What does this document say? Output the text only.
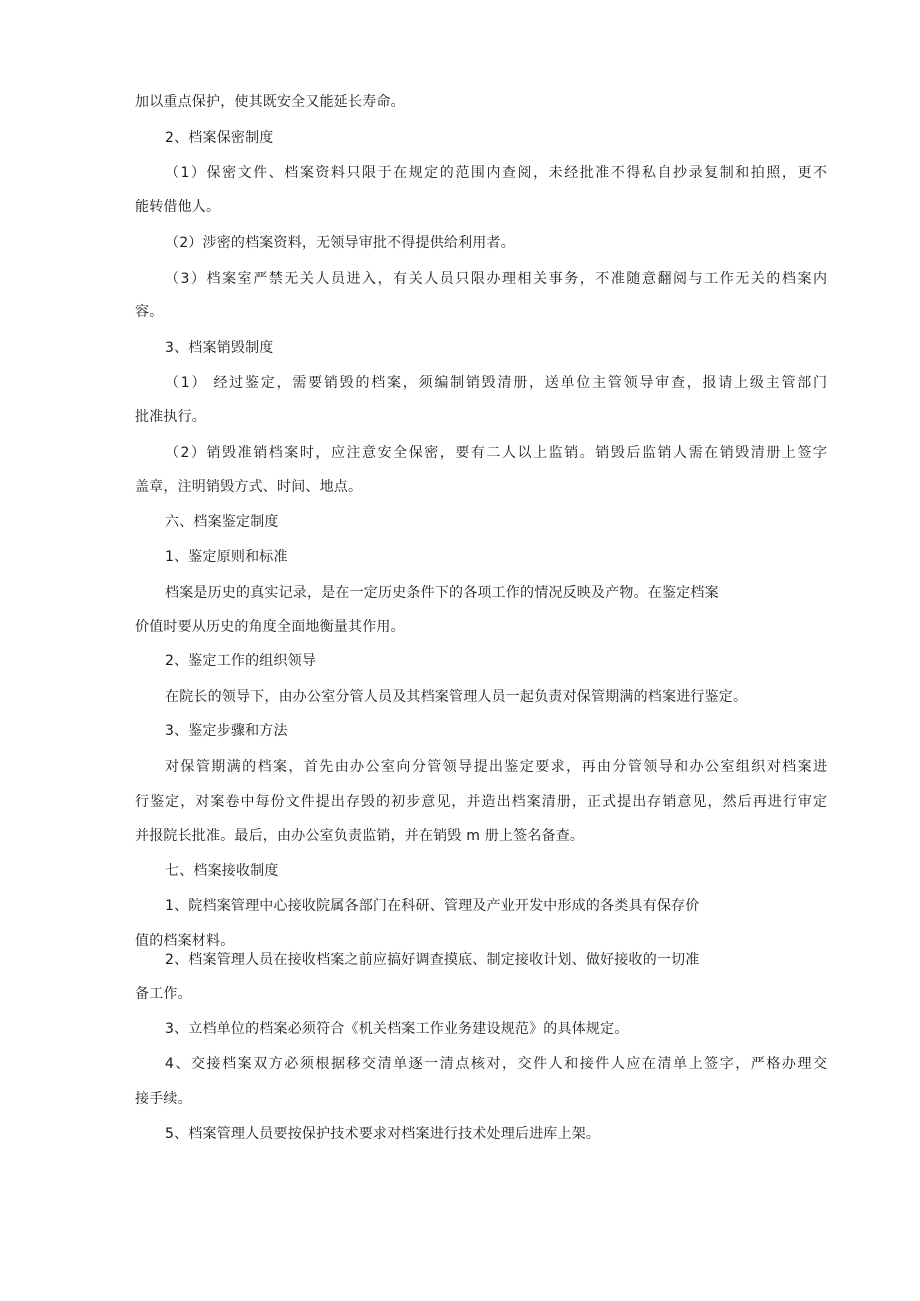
加以重点保护，使其既安全又能延长寿命。
2、档案保密制度
（1）保密文件、档案资料只限于在规定的范围内查阅，未经批准不得私自抄录复制和拍照，更不
能转借他人。
（2）涉密的档案资料，无领导审批不得提供给利用者。
（3）档案室严禁无关人员进入，有关人员只限办理相关事务，不准随意翻阅与工作无关的档案内
容。
3、档案销毁制度
（1） 经过鉴定，需要销毁的档案，须编制销毁清册，送单位主管领导审查，报请上级主管部门
批准执行。
（2）销毁准销档案时，应注意安全保密，要有二人以上监销。销毁后监销人需在销毁清册上签字
盖章，注明销毁方式、时间、地点。
六、档案鉴定制度
1、鉴定原则和标准
档案是历史的真实记录，是在一定历史条件下的各项工作的情况反映及产物。在鉴定档案
价值时要从历史的角度全面地衡量其作用。
2、鉴定工作的组织领导
在院长的领导下，由办公室分管人员及其档案管理人员一起负责对保管期满的档案进行鉴定。
3、鉴定步骤和方法
对保管期满的档案，首先由办公室向分管领导提出鉴定要求，再由分管领导和办公室组织对档案进
行鉴定，对案卷中每份文件提出存毁的初步意见，并造出档案清册，正式提出存销意见，然后再进行审定
并报院长批准。最后，由办公室负责监销，并在销毁 m 册上签名备查。
七、档案接收制度
1、院档案管理中心接收院属各部门在科研、管理及产业开发中形成的各类具有保存价
值的档案材料。
2、档案管理人员在接收档案之前应搞好调查摸底、制定接收计划、做好接收的一切准
备工作。
3、立档单位的档案必须符合《机关档案工作业务建设规范》的具体规定。
4、交接档案双方必须根据移交清单逐一清点核对，交件人和接件人应在清单上签字，严格办理交
接手续。
5、档案管理人员要按保护技术要求对档案进行技术处理后进库上架。
